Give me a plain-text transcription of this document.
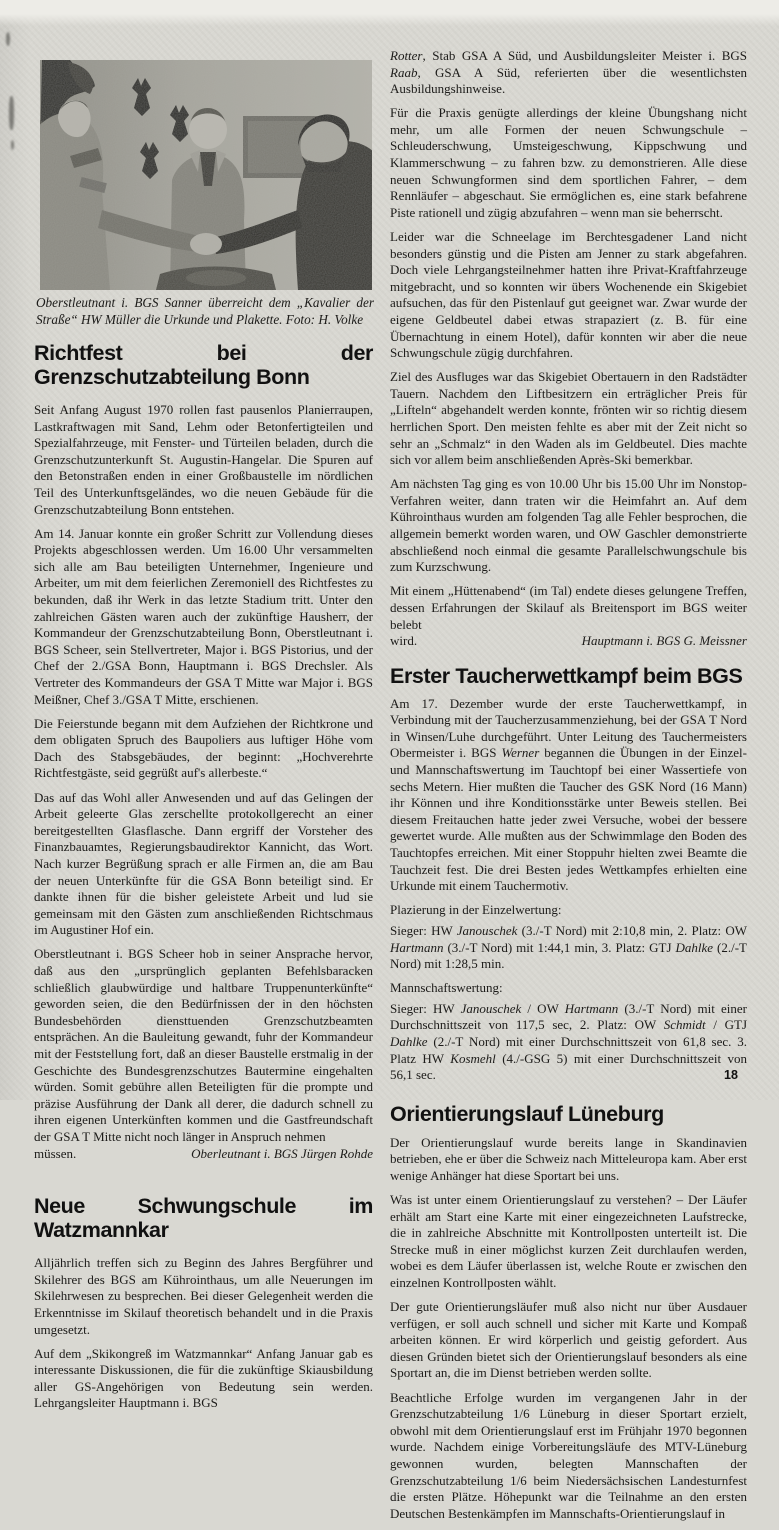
Oberstleutnant i. BGS Sanner überreicht dem „Kavalier der Straße“ HW Müller die Urkunde und Plakette. Foto: H. Volke
Richtfest bei der Grenzschutzabteilung Bonn

Seit Anfang August 1970 rollen fast pausenlos Planierraupen, Lastkraftwagen mit Sand, Lehm oder Betonfertigteilen und Spezialfahrzeuge, mit Fenster- und Türteilen beladen, durch die Grenzschutzunterkunft St. Augustin-Hangelar. Die Spuren auf den Betonstraßen enden in einer Großbaustelle im nördlichen Teil des Unterkunftsgeländes, wo die neuen Gebäude für die Grenzschutzabteilung Bonn entstehen.

Am 14. Januar konnte ein großer Schritt zur Vollendung dieses Projekts abgeschlossen werden. Um 16.00 Uhr versammelten sich alle am Bau beteiligten Unternehmer, Ingenieure und Arbeiter, um mit dem feierlichen Zeremoniell des Richtfestes zu bekunden, daß ihr Werk in das letzte Stadium tritt. Unter den zahlreichen Gästen waren auch der zukünftige Hausherr, der Kommandeur der Grenzschutzabteilung Bonn, Oberstleutnant i. BGS Scheer, sein Stellvertreter, Major i. BGS Pistorius, und der Chef der 2./GSA Bonn, Hauptmann i. BGS Drechsler. Als Vertreter des Kommandeurs der GSA T Mitte war Major i. BGS Meißner, Chef 3./GSA T Mitte, erschienen.

Die Feierstunde begann mit dem Aufziehen der Richtkrone und dem obligaten Spruch des Baupoliers aus luftiger Höhe vom Dach des Stabsgebäudes, der beginnt: „Hochverehrte Richtfestgäste, seid gegrüßt auf's allerbeste.“

Das auf das Wohl aller Anwesenden und auf das Gelingen der Arbeit geleerte Glas zerschellte protokollgerecht an einer bereitgestellten Glasflasche. Dann ergriff der Vorsteher des Finanzbauamtes, Regierungsbaudirektor Kannicht, das Wort. Nach kurzer Begrüßung sprach er alle Firmen an, die am Bau der neuen Unterkünfte für die GSA Bonn beteiligt sind. Er dankte ihnen für die bisher geleistete Arbeit und lud sie gemeinsam mit den Gästen zum anschließenden Richtschmaus im Augustiner Hof ein.

Oberstleutnant i. BGS Scheer hob in seiner Ansprache hervor, daß aus den „ursprünglich geplanten Befehlsbaracken schließlich glaubwürdige und haltbare Truppenunterkünfte“ geworden seien, die den Bedürfnissen der in den höchsten Bundesbehörden diensttuenden Grenzschutzbeamten entsprächen. An die Bauleitung gewandt, fuhr der Kommandeur mit der Feststellung fort, daß an dieser Baustelle erstmalig in der Geschichte des Bundesgrenzschutzes Bautermine eingehalten würden. Somit gebühre allen Beteiligten für die prompte und präzise Ausführung der Dank all derer, die dadurch schnell zu ihren eigenen Unterkünften kommen und die Gastfreundschaft der GSA T Mitte nicht noch länger in Anspruch nehmen

müssen.	Oberleutnant i. BGS Jürgen Rohde
Neue Schwungschule im Watzmannkar

Alljährlich treffen sich zu Beginn des Jahres Bergführer und Skilehrer des BGS am Kührointhaus, um alle Neuerungen im Skilehrwesen zu besprechen. Bei dieser Gelegenheit werden die Erkenntnisse im Skilauf theoretisch behandelt und in die Praxis umgesetzt.

Auf dem „Skikongreß im Watzmannkar“ Anfang Januar gab es interessante Diskussionen, die für die zukünftige Skiausbildung aller GS-Angehörigen von Bedeutung sein werden. Lehrgangsleiter Hauptmann i. BGS

Rotter, Stab GSA A Süd, und Ausbildungsleiter Meister i. BGS Raab, GSA A Süd, referierten über die wesentlichsten Ausbildungshinweise.

Für die Praxis genügte allerdings der kleine Übungshang nicht mehr, um alle Formen der neuen Schwungschule – Schleuderschwung, Umsteigeschwung, Kippschwung und Klammerschwung – zu fahren bzw. zu demonstrieren. Alle diese neuen Schwungformen sind dem sportlichen Fahrer, – dem Rennläufer – abgeschaut. Sie ermöglichen es, eine stark befahrene Piste rationell und zügig abzufahren – wenn man sie beherrscht.

Leider war die Schneelage im Berchtesgadener Land nicht besonders günstig und die Pisten am Jenner zu stark abgefahren. Doch viele Lehrgangsteilnehmer hatten ihre Privat-Kraftfahrzeuge mitgebracht, und so konnten wir übers Wochenende ein Skigebiet aufsuchen, das für den Pistenlauf gut geeignet war. Zwar wurde der eigene Geldbeutel dabei etwas strapaziert (z. B. für eine Übernachtung in einem Hotel), dafür konnten wir aber die neue Schwungschule zügig durchfahren.

Ziel des Ausfluges war das Skigebiet Obertauern in den Radstädter Tauern. Nachdem den Liftbesitzern ein erträglicher Preis für „Lifteln“ abgehandelt werden konnte, frönten wir so richtig diesem herrlichen Sport. Den meisten fehlte es aber mit der Zeit nicht so sehr an „Schmalz“ in den Waden als im Geldbeutel. Dies machte sich vor allem beim anschließenden Après-Ski bemerkbar.

Am nächsten Tag ging es von 10.00 Uhr bis 15.00 Uhr im Nonstop-Verfahren weiter, dann traten wir die Heimfahrt an. Auf dem Kührointhaus wurden am folgenden Tag alle Fehler besprochen, die allgemein bemerkt worden waren, und OW Gaschler demonstrierte abschließend noch einmal die gesamte Parallelschwungschule bis zum Kurzschwung.

Mit einem „Hüttenabend“ (im Tal) endete dieses gelungene Treffen, dessen Erfahrungen der Skilauf als Breitensport im BGS weiter belebt

wird.	Hauptmann i. BGS G. Meissner
Erster Taucherwettkampf beim BGS

Am 17. Dezember wurde der erste Taucherwettkampf, in Verbindung mit der Taucherzusammenziehung, bei der GSA T Nord in Winsen/Luhe durchgeführt. Unter Leitung des Tauchermeisters Obermeister i. BGS Werner begannen die Übungen in der Einzel- und Mannschaftswertung im Tauchtopf bei einer Wassertiefe von sechs Metern. Hier mußten die Taucher des GSK Nord (16 Mann) ihr Können und ihre Konditionsstärke unter Beweis stellen. Bei diesem Freitauchen hatte jeder zwei Versuche, wobei der bessere gewertet wurde. Alle mußten aus der Schwimmlage den Boden des Tauchtopfes erreichen. Mit einer Stoppuhr hielten zwei Beamte die Tauchzeit fest. Die drei Besten jedes Wettkampfes erhielten eine Urkunde mit einem Tauchermotiv.

Plazierung in der Einzelwertung:

Sieger: HW Janouschek (3./-T Nord) mit 2:10,8 min, 2. Platz: OW Hartmann (3./-T Nord) mit 1:44,1 min, 3. Platz: GTJ Dahlke (2./-T Nord) mit 1:28,5 min.

Mannschaftswertung:

Sieger: HW Janouschek / OW Hartmann (3./-T Nord) mit einer Durchschnittszeit von 117,5 sec, 2. Platz: OW Schmidt / GTJ Dahlke (2./-T Nord) mit einer Durchschnittszeit von 61,8 sec. 3. Platz HW Kosmehl (4./-GSG 5) mit einer Durchschnittszeit von 56,1 sec.

Orientierungslauf Lüneburg

Der Orientierungslauf wurde bereits lange in Skandinavien betrieben, ehe er über die Schweiz nach Mitteleuropa kam. Aber erst wenige Anhänger hat diese Sportart bei uns.

Was ist unter einem Orientierungslauf zu verstehen? – Der Läufer erhält am Start eine Karte mit einer eingezeichneten Laufstrecke, die in zahlreiche Abschnitte mit Kontrollposten unterteilt ist. Die Strecke muß in einer möglichst kurzen Zeit durchlaufen werden, wobei es dem Läufer überlassen ist, welche Route er zwischen den einzelnen Kontrollposten wählt.

Der gute Orientierungsläufer muß also nicht nur über Ausdauer verfügen, er soll auch schnell und sicher mit Karte und Kompaß arbeiten können. Er wird körperlich und geistig gefordert. Aus diesen Gründen bietet sich der Orientierungslauf besonders als eine Sportart an, die im Dienst betrieben werden sollte.

Beachtliche Erfolge wurden im vergangenen Jahr in der Grenzschutzabteilung 1/6 Lüneburg in dieser Sportart erzielt, obwohl mit dem Orientierungslauf erst im Frühjahr 1970 begonnen wurde. Nachdem einige Vorbereitungsläufe des MTV-Lüneburg gewonnen wurden, belegten Mannschaften der Grenzschutzabteilung 1/6 beim Niedersächsischen Landesturnfest die ersten Plätze. Höhepunkt war die Teilnahme an den ersten Deutschen Bestenkämpfen im Mannschafts-Orientierungslauf in

18
